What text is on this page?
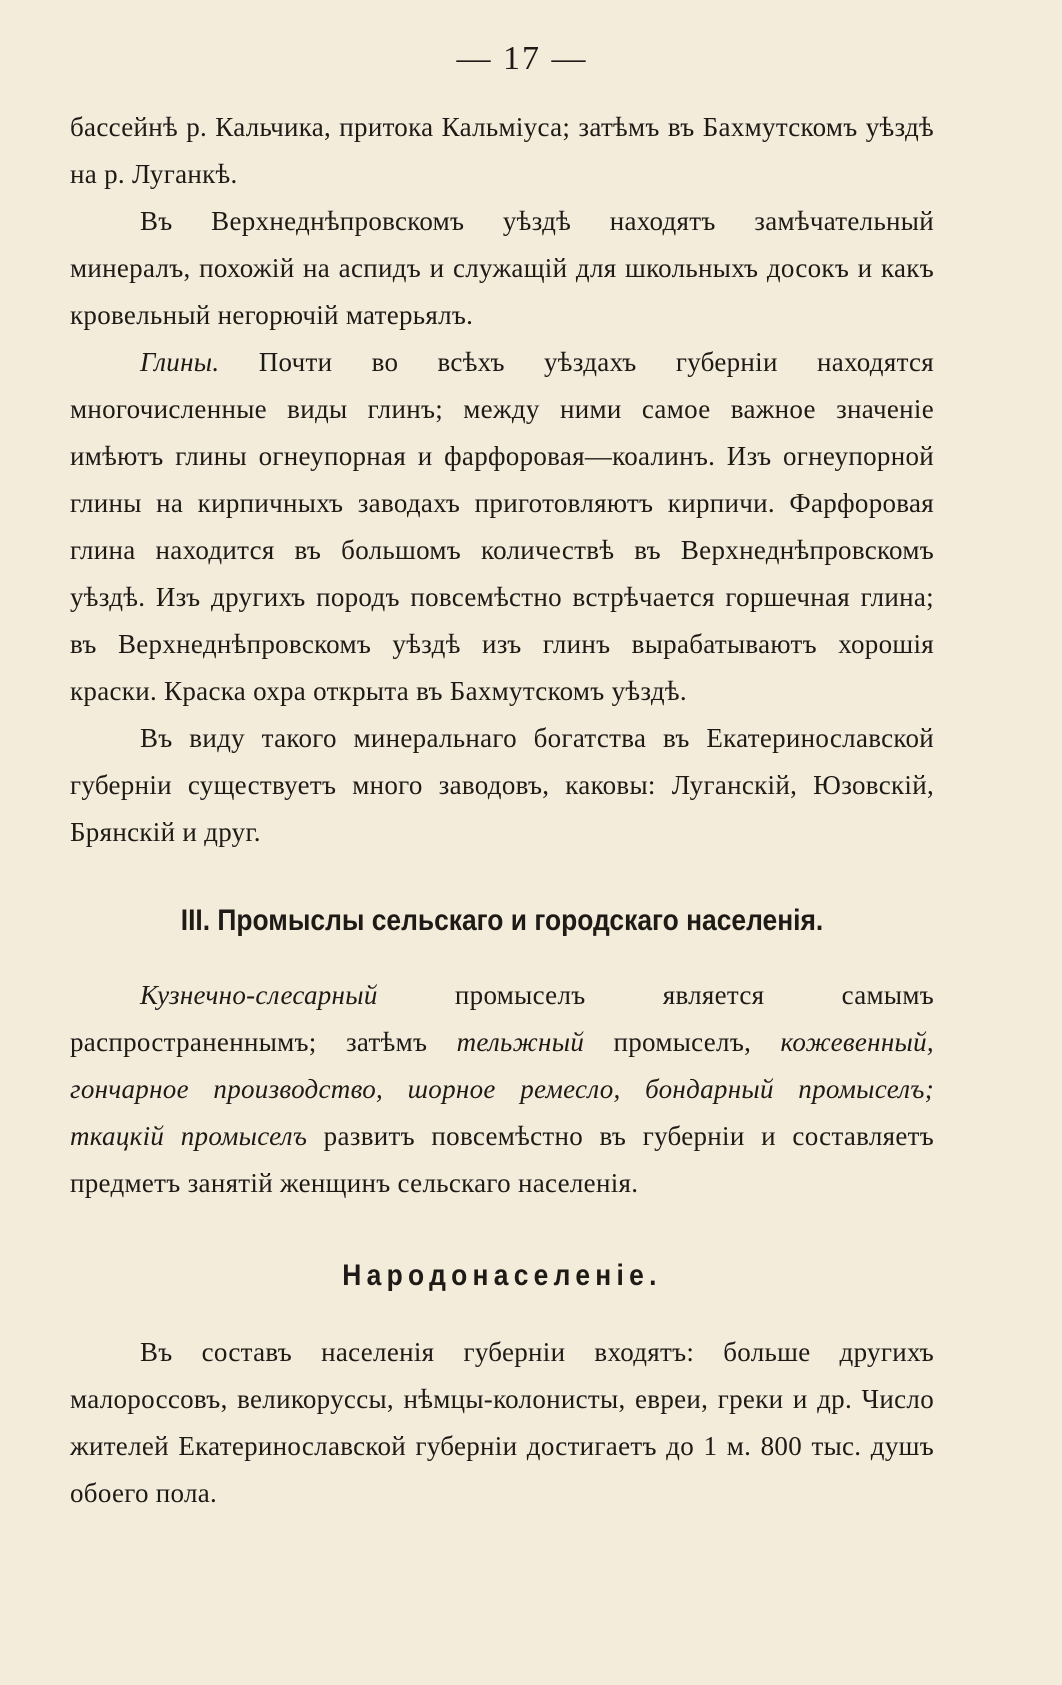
— 17 —

бассейнѣ р. Кальчика, притока Кальміуса; затѣмъ въ Бахмутскомъ уѣздѣ на р. Луганкѣ.

Въ Верхнеднѣпровскомъ уѣздѣ находятъ замѣчательный минералъ, похожій на аспидъ и служащій для школьныхъ досокъ и какъ кровельный негорючій матерьялъ.

Глины. Почти во всѣхъ уѣздахъ губерніи находятся многочисленные виды глинъ; между ними самое важное значеніе имѣютъ глины огнеупорная и фарфоровая—коалинъ. Изъ огнеупорной глины на кирпичныхъ заводахъ приготовляютъ кирпичи. Фарфоровая глина находится въ большомъ количествѣ въ Верхнеднѣпровскомъ уѣздѣ. Изъ другихъ породъ повсемѣстно встрѣчается горшечная глина; въ Верхнеднѣпровскомъ уѣздѣ изъ глинъ вырабатываютъ хорошія краски. Краска охра открыта въ Бахмутскомъ уѣздѣ.

Въ виду такого минеральнаго богатства въ Екатеринославской губерніи существуетъ много заводовъ, каковы: Луганскій, Юзовскій, Брянскій и друг.

III. Промыслы сельскаго и городскаго населенія.

Кузнечно-слесарный промыселъ является самымъ распространеннымъ; затѣмъ тельжный промыселъ, кожевенный, гончарное производство, шорное ремесло, бондарный промыселъ; ткацкій промыселъ развитъ повсемѣстно въ губерніи и составляетъ предметъ занятій женщинъ сельскаго населенія.

Народонаселеніе.

Въ составъ населенія губерніи входятъ: больше другихъ малороссовъ, великоруссы, нѣмцы-колонисты, евреи, греки и др. Число жителей Екатеринославской губерніи достигаетъ до 1 м. 800 тыс. душъ обоего пола.
